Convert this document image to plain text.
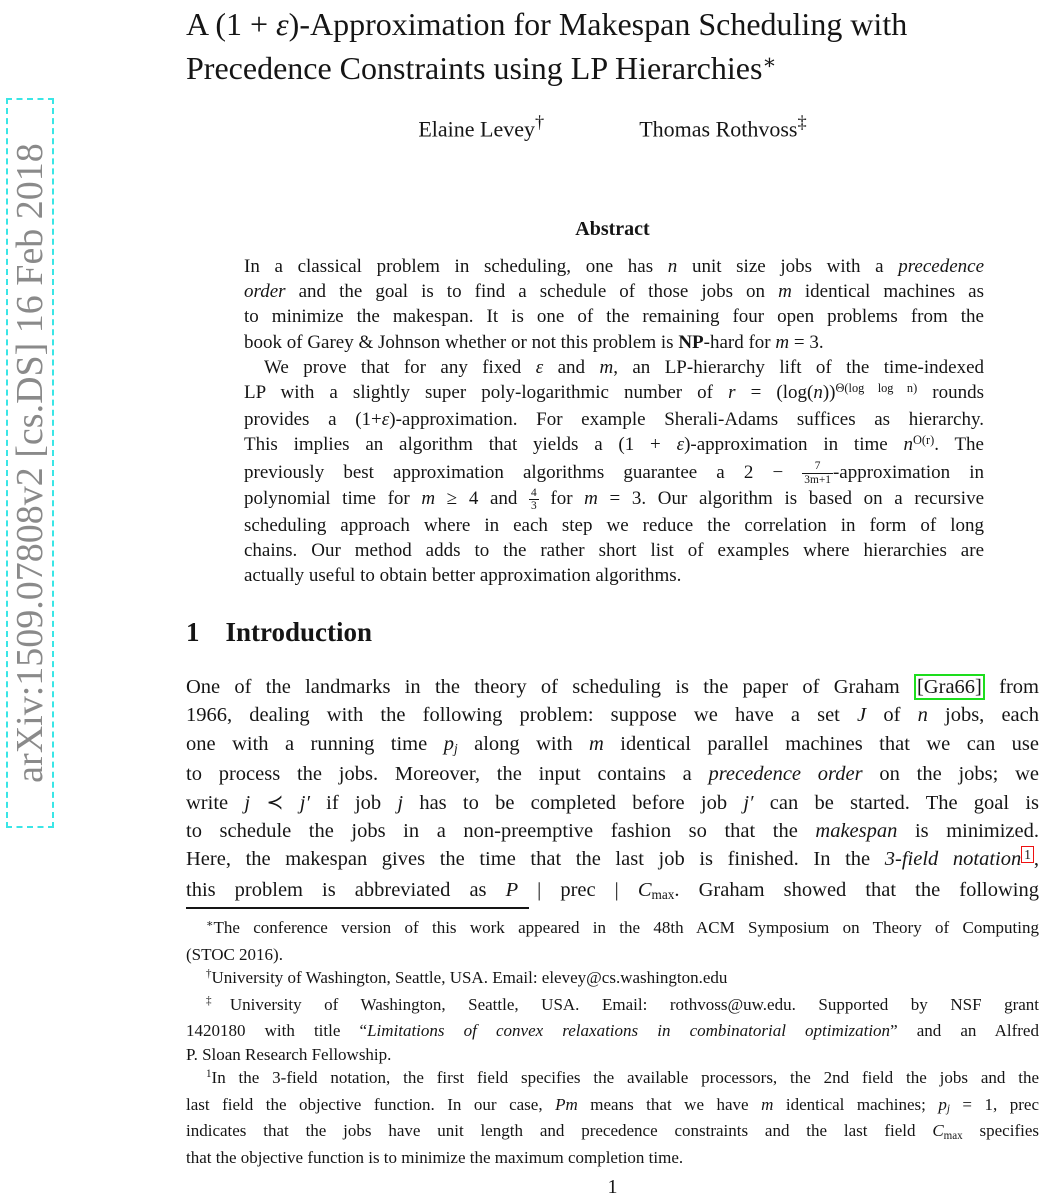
arXiv:1509.07808v2 [cs.DS] 16 Feb 2018
A (1 + ε)-Approximation for Makespan Scheduling with
Precedence Constraints using LP Hierarchies∗
Elaine Levey†	Thomas Rothvoss‡
Abstract
In a classical problem in scheduling, one has n unit size jobs with a precedence
order and the goal is to find a schedule of those jobs on m identical machines as
to minimize the makespan. It is one of the remaining four open problems from the
book of Garey & Johnson whether or not this problem is NP-hard for m = 3.
We prove that for any fixed ε and m, an LP-hierarchy lift of the time-indexed
LP with a slightly super poly-logarithmic number of $r = (\log(n))^{\Theta(log log n)}$ rounds
provides a (1+ε)-approximation. For example Sherali-Adams suffices as hierarchy.
This implies an algorithm that yields a (1 + ε)-approximation in time $n^{O(r)}$. The
previously best approximation algorithms guarantee a $2 - \frac{7}{3m+1}$ -approximation in
polynomial time for m ≥ 4 and $\frac{4}{3}$ for m = 3. Our algorithm is based on a recursive
scheduling approach where in each step we reduce the correlation in form of long
chains. Our method adds to the rather short list of examples where hierarchies are
actually useful to obtain better approximation algorithms.
1 Introduction
One of the landmarks in the theory of scheduling is the paper of Graham [Gra66] from
1966, dealing with the following problem: suppose we have a set J of n jobs, each
one with a running time pj along with m identical parallel machines that we can use
to process the jobs. Moreover, the input contains a precedence order on the jobs; we
write j ≺ j′ if job j has to be completed before job j′ can be started. The goal is
to schedule the jobs in a non-preemptive fashion so that the makespan is minimized.
Here, the makespan gives the time that the last job is finished. In the 3-field notation $^1$ ,
this problem is abbreviated as P | prec | Cmax. Graham showed that the following
∗The conference version of this work appeared in the 48th ACM Symposium on Theory of Computing
(STOC 2016).
†University of Washington, Seattle, USA. Email: elevey@cs.washington.edu
‡University of Washington, Seattle, USA. Email: rothvoss@uw.edu. Supported by NSF grant
1420180 with title “Limitations of convex relaxations in combinatorial optimization” and an Alfred
P. Sloan Research Fellowship.
$^1$In the 3-field notation, the first field specifies the available processors, the 2nd field the jobs and the
last field the objective function. In our case, Pm means that we have m identical machines; pj = 1, prec
indicates that the jobs have unit length and precedence constraints and the last field Cmax specifies
that the objective function is to minimize the maximum completion time.
1
